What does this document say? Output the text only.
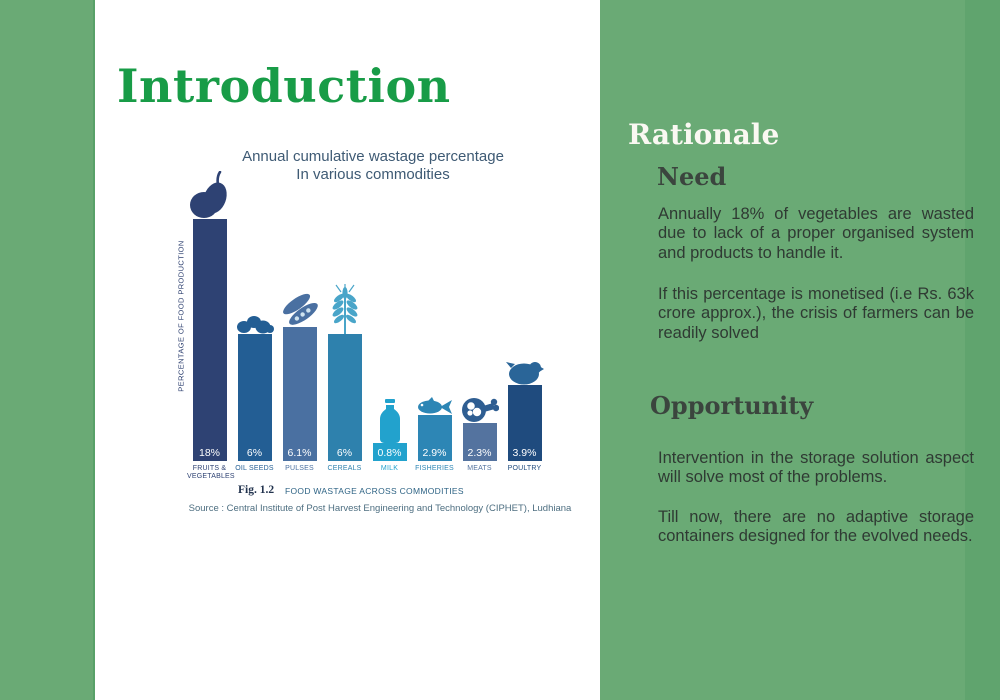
Introduction
Annual cumulative wastage percentage
In various commodities
PERCENTAGE OF FOOD PRODUCTION
18%
FRUITS & VEGETABLES
6%
OIL SEEDS
6.1%
PULSES
6%
CEREALS
0.8%
MILK
2.9%
FISHERIES
2.3%
MEATS
3.9%
POULTRY
Fig. 1.2 FOOD WASTAGE ACROSS COMMODITIES
Source : Central Institute of Post Harvest Engineering and Technology (CIPHET), Ludhiana
Rationale
Need

Annually 18% of vegetables are wasted due to lack of a proper organised system and products to handle it.

If this percentage is monetised (i.e Rs. 63k crore approx.), the crisis of farmers can be readily solved

Opportunity

Intervention in the storage solution aspect will solve most of the problems.

Till now, there are no adaptive storage containers designed for the evolved needs.
